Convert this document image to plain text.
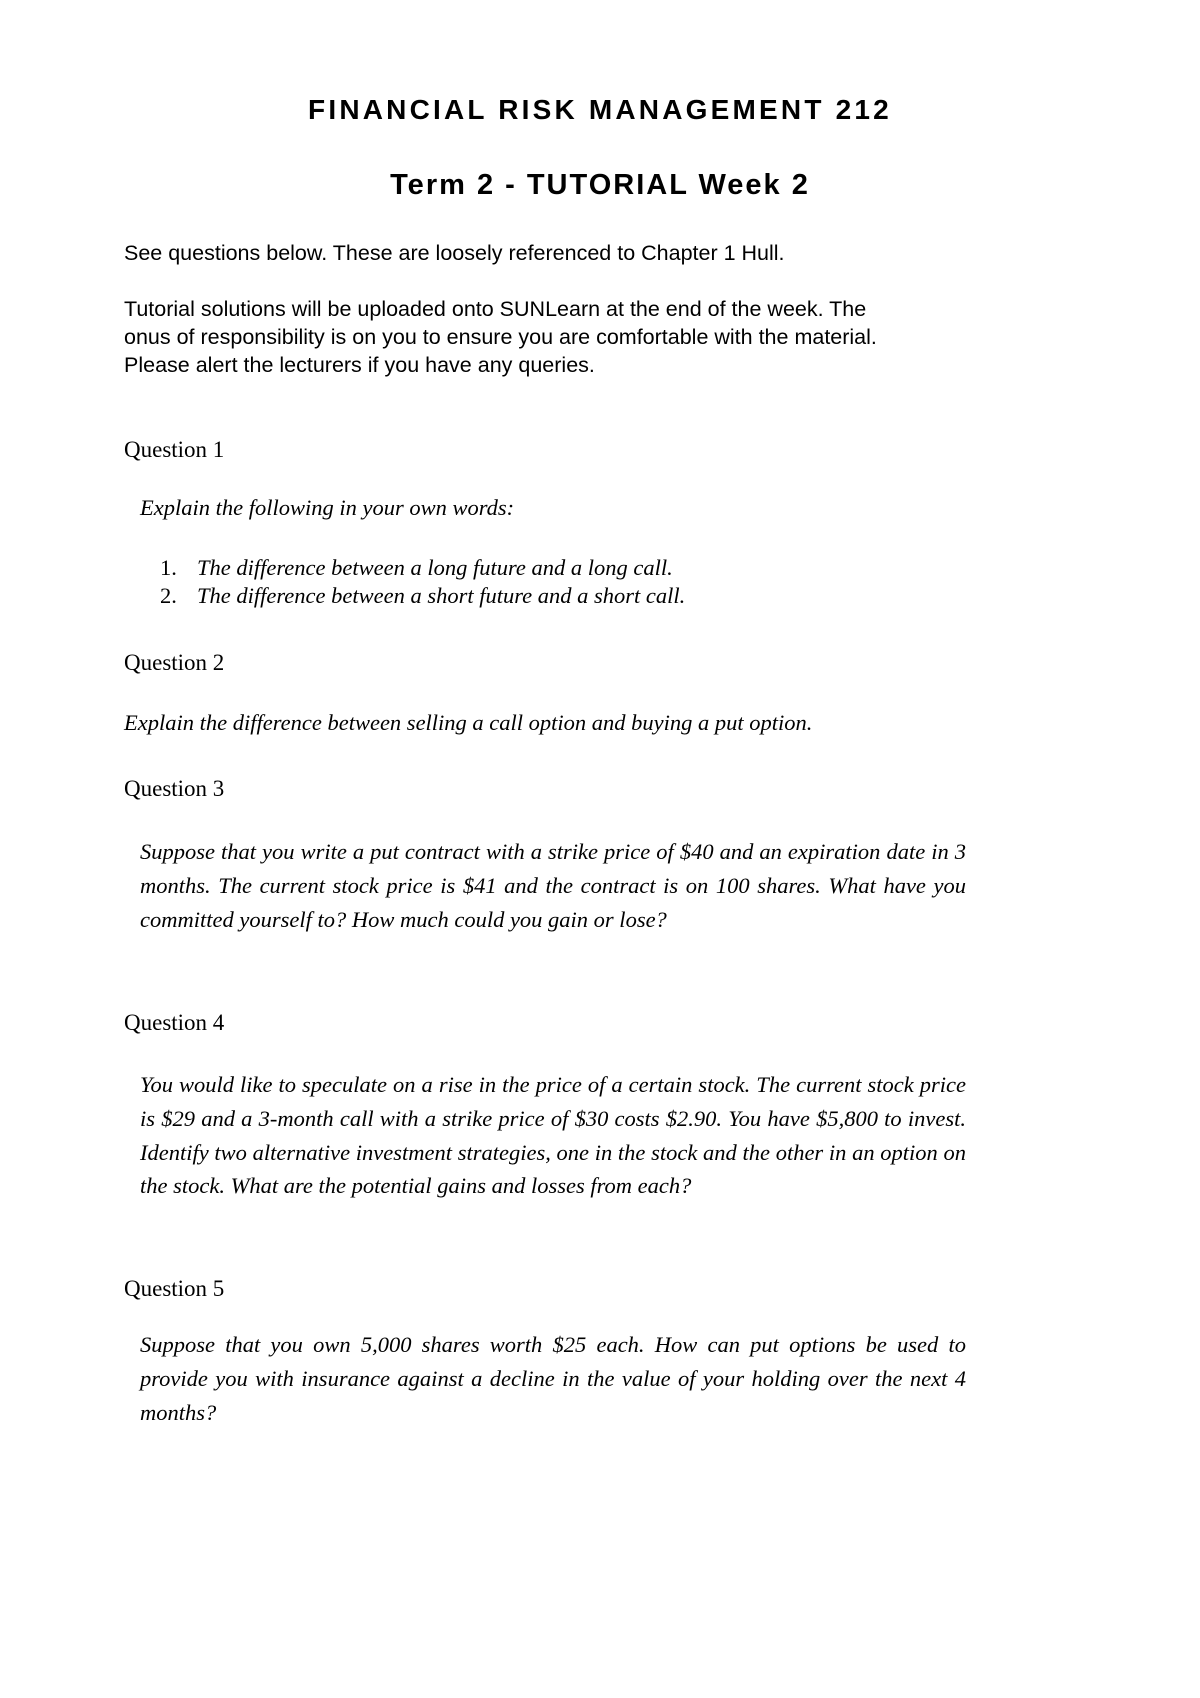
FINANCIAL RISK MANAGEMENT 212
Term 2 - TUTORIAL Week 2

See questions below. These are loosely referenced to Chapter 1 Hull.

Tutorial solutions will be uploaded onto SUNLearn at the end of the week. The

onus of responsibility is on you to ensure you are comfortable with the material.

Please alert the lecturers if you have any queries.

Question 1
Explain the following in your own words:
1. The difference between a long future and a long call.
2. The difference between a short future and a short call.
Question 2
Explain the difference between selling a call option and buying a put option.
Question 3
Suppose that you write a put contract with a strike price of $40 and an expiration date in 3 months. The current stock price is $41 and the contract is on 100 shares. What have you committed yourself to? How much could you gain or lose?
Question 4
You would like to speculate on a rise in the price of a certain stock. The current stock price is $29 and a 3-month call with a strike price of $30 costs $2.90. You have $5,800 to invest. Identify two alternative investment strategies, one in the stock and the other in an option on the stock. What are the potential gains and losses from each?
Question 5
Suppose that you own 5,000 shares worth $25 each. How can put options be used to provide you with insurance against a decline in the value of your holding over the next 4 months?
